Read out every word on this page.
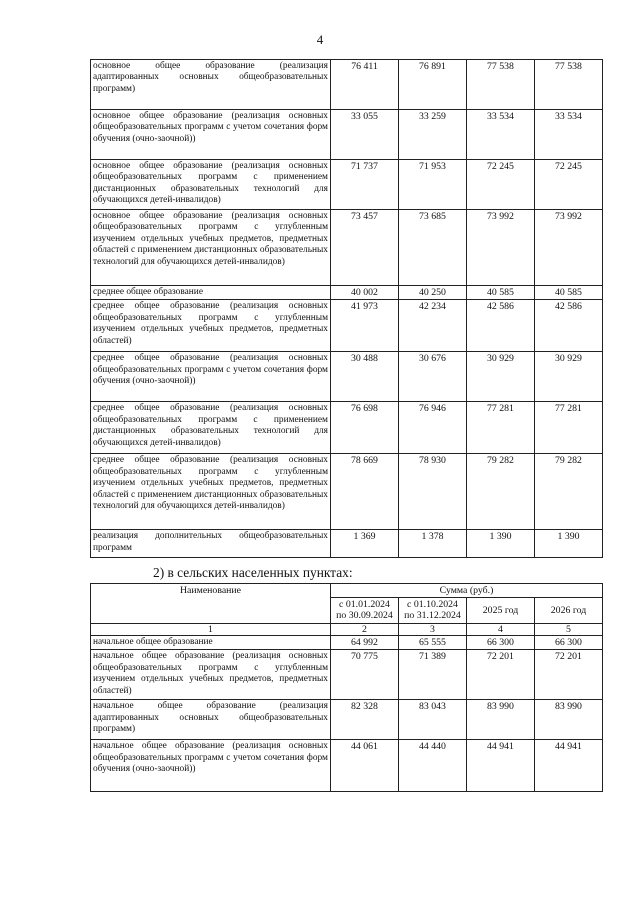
4
основное общее образование (реализация адаптированных основных общеобразовательных программ)	76 411	76 891	77 538	77 538
основное общее образование (реализация основных общеобразовательных программ с учетом сочетания форм обучения (очно-заочной))	33 055	33 259	33 534	33 534
основное общее образование (реализация основных общеобразовательных программ с применением дистанционных образовательных технологий для обучающихся детей-инвалидов)	71 737	71 953	72 245	72 245
основное общее образование (реализация основных общеобразовательных программ с углубленным изучением отдельных учебных предметов, предметных областей с применением дистанционных образовательных технологий для обучающихся детей-инвалидов)	73 457	73 685	73 992	73 992
среднее общее образование	40 002	40 250	40 585	40 585
среднее общее образование (реализация основных общеобразовательных программ с углубленным изучением отдельных учебных предметов, предметных областей)	41 973	42 234	42 586	42 586
среднее общее образование (реализация основных общеобразовательных программ с учетом сочетания форм обучения (очно-заочной))	30 488	30 676	30 929	30 929
среднее общее образование (реализация основных общеобразовательных программ с применением дистанционных образовательных технологий для обучающихся детей-инвалидов)	76 698	76 946	77 281	77 281
среднее общее образование (реализация основных общеобразовательных программ с углубленным изучением отдельных учебных предметов, предметных областей с применением дистанционных образовательных технологий для обучающихся детей-инвалидов)	78 669	78 930	79 282	79 282
реализация дополнительных общеобразовательных программ	1 369	1 378	1 390	1 390
2) в сельских населенных пунктах:
Наименование	Сумма (руб.)			
	с 01.01.2024 по 30.09.2024	с 01.10.2024 по 31.12.2024	2025 год	2026 год
1	2	3	4	5
начальное общее образование	64 992	65 555	66 300	66 300
начальное общее образование (реализация основных общеобразовательных программ с углубленным изучением отдельных учебных предметов, предметных областей)	70 775	71 389	72 201	72 201
начальное общее образование (реализация адаптированных основных общеобразовательных программ)	82 328	83 043	83 990	83 990
начальное общее образование (реализация основных общеобразовательных программ с учетом сочетания форм обучения (очно-заочной))	44 061	44 440	44 941	44 941
